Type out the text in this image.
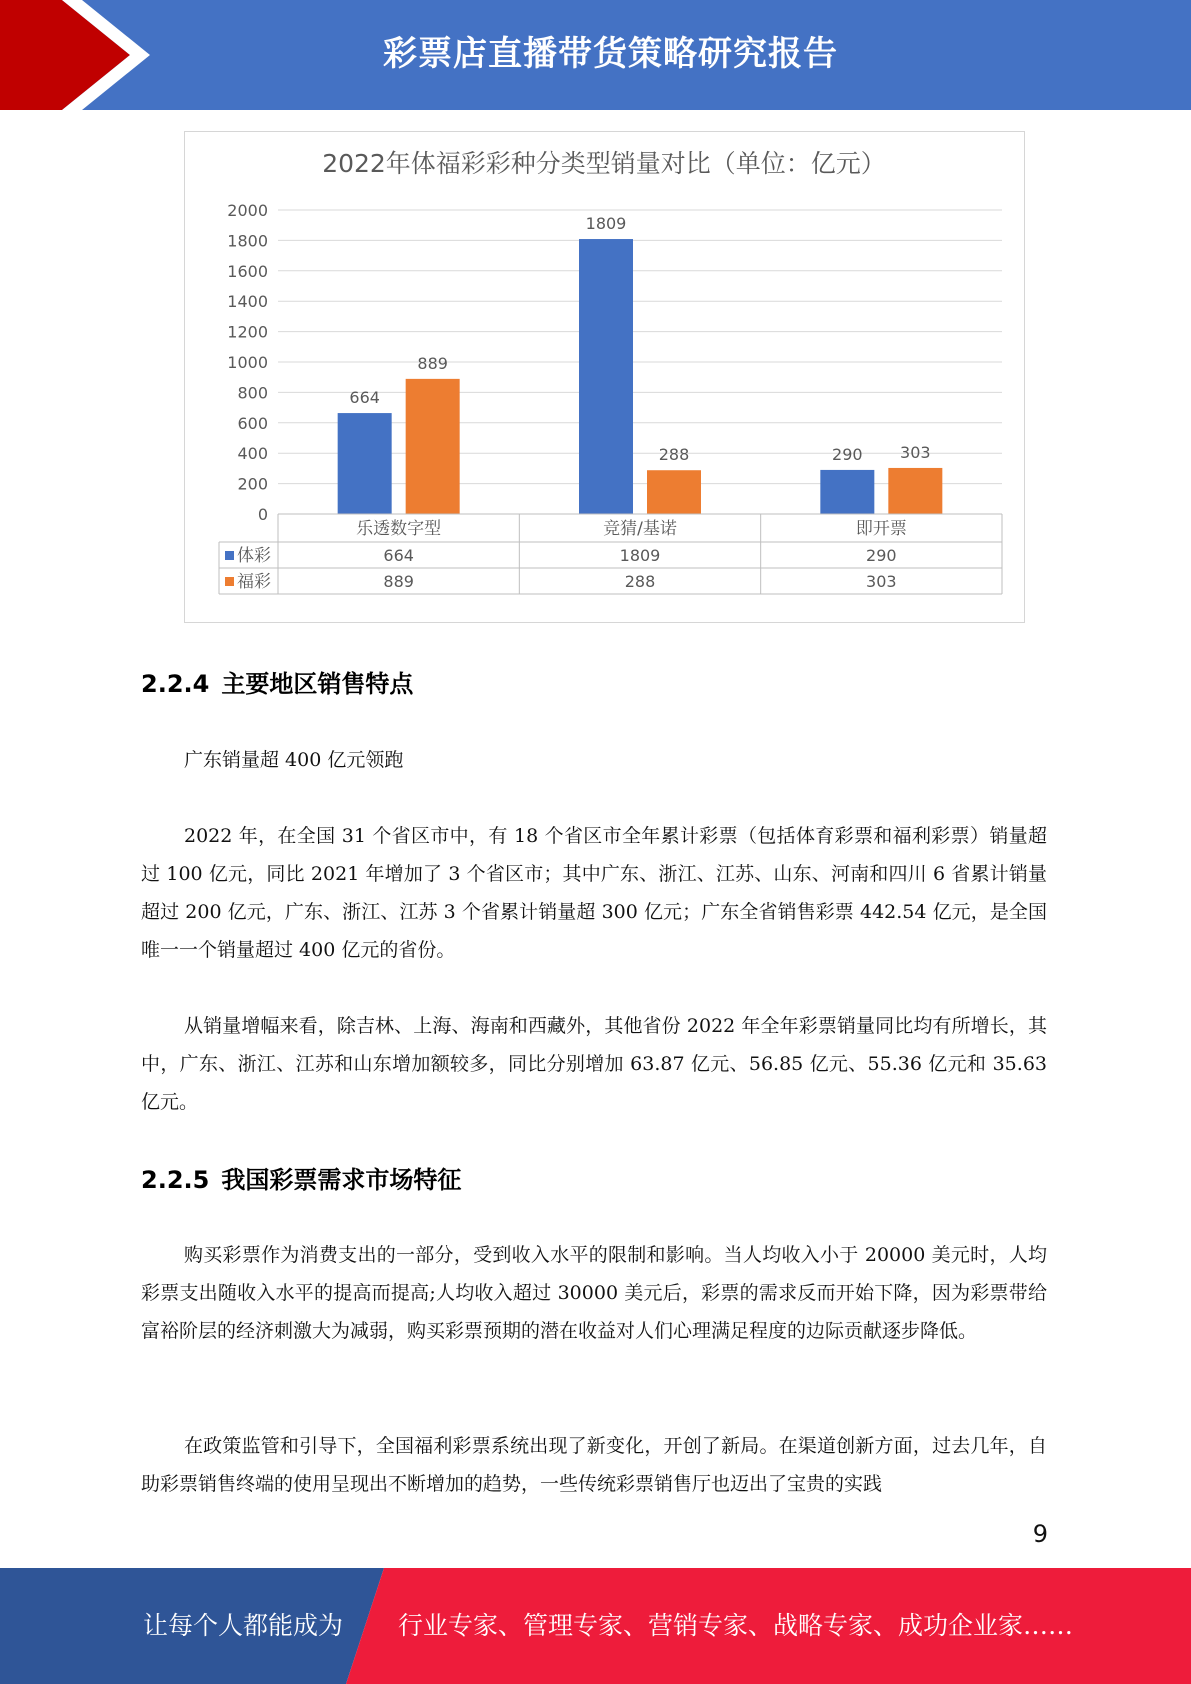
彩票店直播带货策略研究报告
2022年体福彩彩种分类型销量对比（单位：亿元）
0
200
400
600
800
1000
1200
1400
1600
1800
2000
664
889
1809
288	290 303
乐透数字型	竞猜/基诺	即开票
体彩	664	1809	290
福彩	889	288	303
2.2.4 主要地区销售特点

广东销量超 400 亿元领跑

2022 年，在全国 31 个省区市中，有 18 个省区市全年累计彩票（包括体育彩票和福利彩票）销量超过 100 亿元，同比 2021 年增加了 3 个省区市；其中广东、浙江、江苏、山东、河南和四川 6 省累计销量超过 200 亿元，广东、浙江、江苏 3 个省累计销量超 300 亿元；广东全省销售彩票 442.54 亿元，是全国唯一一个销量超过 400 亿元的省份。

从销量增幅来看，除吉林、上海、海南和西藏外，其他省份 2022 年全年彩票销量同比均有所增长，其中，广东、浙江、江苏和山东增加额较多，同比分别增加 63.87 亿元、56.85 亿元、55.36 亿元和 35.63 亿元。

2.2.5 我国彩票需求市场特征

购买彩票作为消费支出的一部分，受到收入水平的限制和影响。当人均收入小于 20000 美元时，人均彩票支出随收入水平的提高而提高;人均收入超过 30000 美元后，彩票的需求反而开始下降，因为彩票带给富裕阶层的经济刺激大为减弱，购买彩票预期的潜在收益对人们心理满足程度的边际贡献逐步降低。

在政策监管和引导下，全国福利彩票系统出现了新变化，开创了新局。在渠道创新方面，过去几年，自助彩票销售终端的使用呈现出不断增加的趋势，一些传统彩票销售厅也迈出了宝贵的实践

9
让每个人都能成为 行业专家、管理专家、营销专家、战略专家、成功企业家……
